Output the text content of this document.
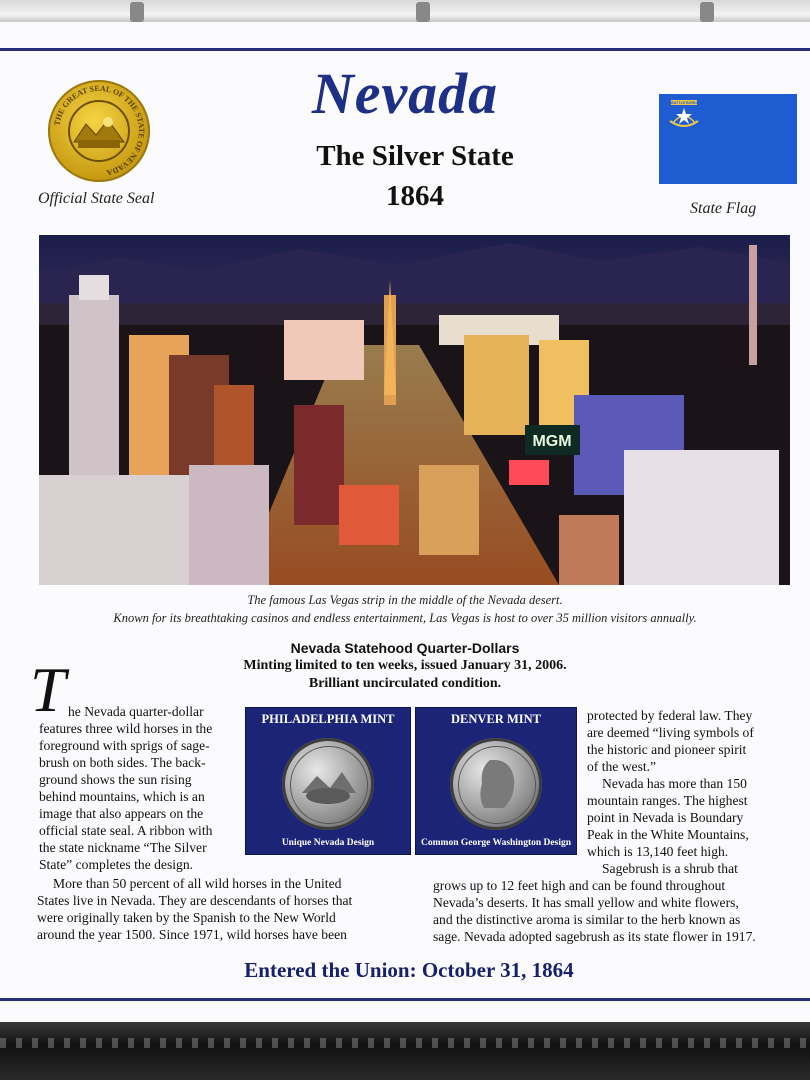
THE GREAT SEAL OF THE STATE OF NEVADA
Official State Seal
Nevada
The Silver State
1864
BATTLE BORN
State Flag
MGM
The famous Las Vegas strip in the middle of the Nevada desert.
Known for its breathtaking casinos and endless entertainment, Las Vegas is host to over 35 million visitors annually.
Nevada Statehood Quarter-Dollars
Minting limited to ten weeks, issued January 31, 2006.
Brilliant uncirculated condition.
PHILADELPHIA MINT
Unique Nevada Design
DENVER MINT
Common George Washington Design
T he Nevada quarter-dollar
features three wild horses in the
foreground with sprigs of sage-
brush on both sides. The back-
ground shows the sun rising
behind mountains, which is an
image that also appears on the
official state seal. A ribbon with
the state nickname “The Silver
State” completes the design.
More than 50 percent of all wild horses in the United
States live in Nevada. They are descendants of horses that
were originally taken by the Spanish to the New World
around the year 1500. Since 1971, wild horses have been
protected by federal law. They
are deemed “living symbols of
the historic and pioneer spirit
of the west.”
Nevada has more than 150
mountain ranges. The highest
point in Nevada is Boundary
Peak in the White Mountains,
which is 13,140 feet high.
Sagebrush is a shrub that
grows up to 12 feet high and can be found throughout
Nevada’s deserts. It has small yellow and white flowers,
and the distinctive aroma is similar to the herb known as
sage. Nevada adopted sagebrush as its state flower in 1917.
Entered the Union: October 31, 1864
